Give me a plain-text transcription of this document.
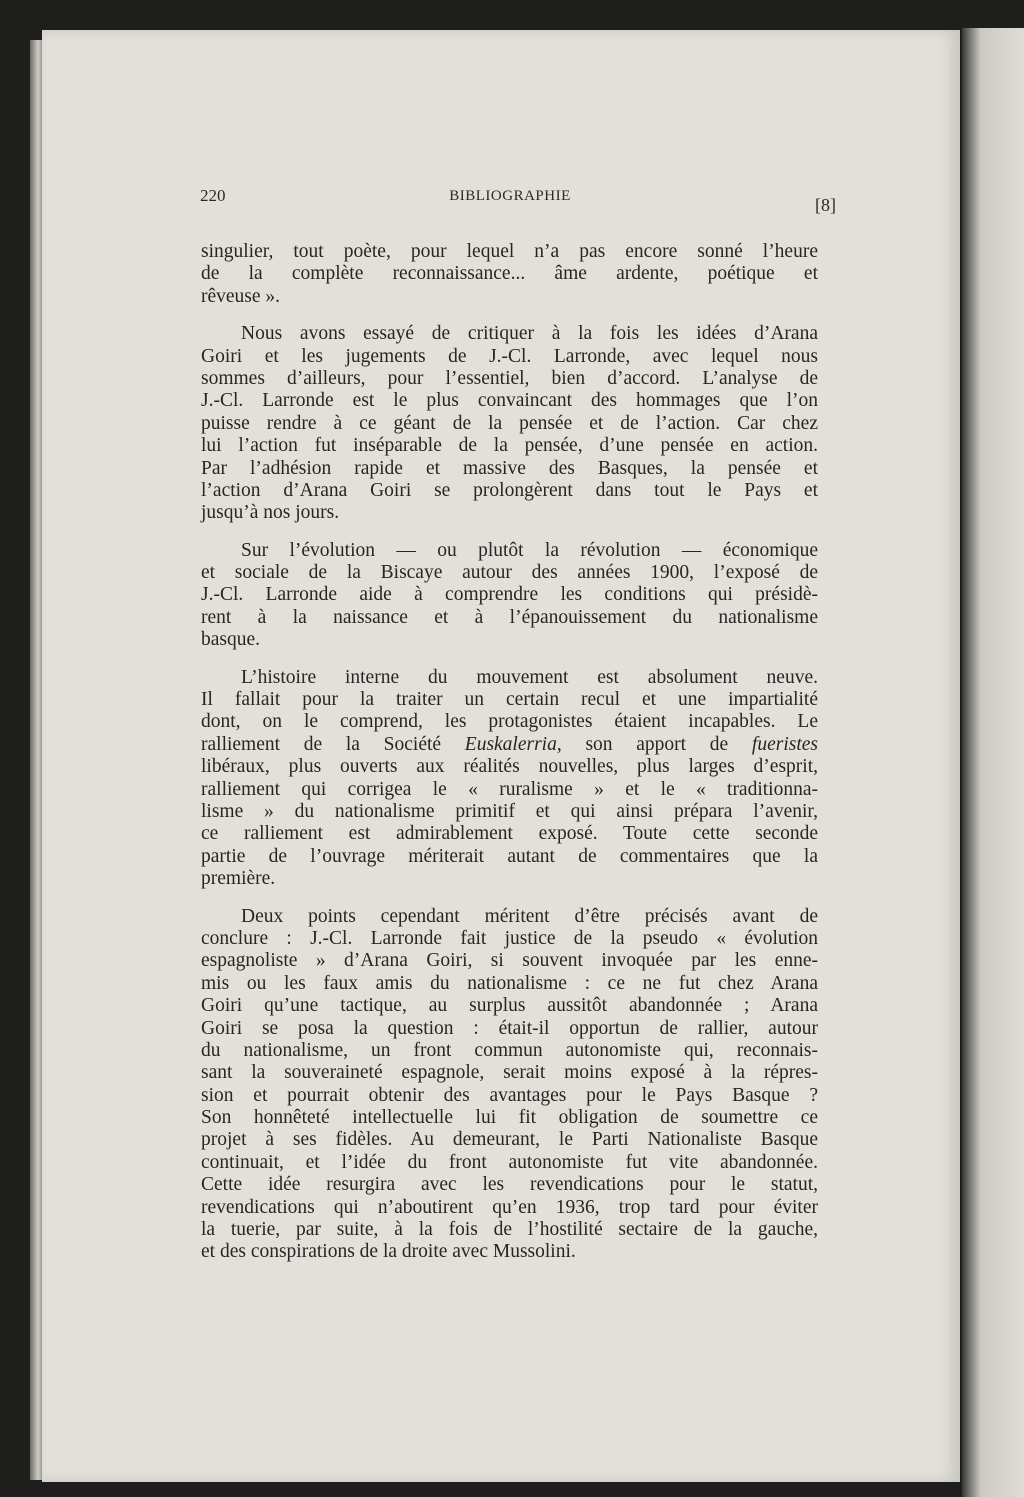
220	BIBLIOGRAPHIE	[8]
singulier, tout poète, pour lequel n’a pas encore sonné l’heure
de la complète reconnaissance... âme ardente, poétique et
rêveuse ».
Nous avons essayé de critiquer à la fois les idées d’Arana
Goiri et les jugements de J.-Cl. Larronde, avec lequel nous
sommes d’ailleurs, pour l’essentiel, bien d’accord. L’analyse de
J.-Cl. Larronde est le plus convaincant des hommages que l’on
puisse rendre à ce géant de la pensée et de l’action. Car chez
lui l’action fut inséparable de la pensée, d’une pensée en action.
Par l’adhésion rapide et massive des Basques, la pensée et
l’action d’Arana Goiri se prolongèrent dans tout le Pays et
jusqu’à nos jours.
Sur l’évolution — ou plutôt la révolution — économique
et sociale de la Biscaye autour des années 1900, l’exposé de
J.-Cl. Larronde aide à comprendre les conditions qui présidè-
rent à la naissance et à l’épanouissement du nationalisme
basque.
L’histoire interne du mouvement est absolument neuve.
Il fallait pour la traiter un certain recul et une impartialité
dont, on le comprend, les protagonistes étaient incapables. Le
ralliement de la Société Euskalerria, son apport de fueristes
libéraux, plus ouverts aux réalités nouvelles, plus larges d’esprit,
ralliement qui corrigea le « ruralisme » et le « traditionna-
lisme » du nationalisme primitif et qui ainsi prépara l’avenir,
ce ralliement est admirablement exposé. Toute cette seconde
partie de l’ouvrage mériterait autant de commentaires que la
première.
Deux points cependant méritent d’être précisés avant de
conclure : J.-Cl. Larronde fait justice de la pseudo « évolution
espagnoliste » d’Arana Goiri, si souvent invoquée par les enne-
mis ou les faux amis du nationalisme : ce ne fut chez Arana
Goiri qu’une tactique, au surplus aussitôt abandonnée ; Arana
Goiri se posa la question : était-il opportun de rallier, autour
du nationalisme, un front commun autonomiste qui, reconnais-
sant la souveraineté espagnole, serait moins exposé à la répres-
sion et pourrait obtenir des avantages pour le Pays Basque ?
Son honnêteté intellectuelle lui fit obligation de soumettre ce
projet à ses fidèles. Au demeurant, le Parti Nationaliste Basque
continuait, et l’idée du front autonomiste fut vite abandonnée.
Cette idée resurgira avec les revendications pour le statut,
revendications qui n’aboutirent qu’en 1936, trop tard pour éviter
la tuerie, par suite, à la fois de l’hostilité sectaire de la gauche,
et des conspirations de la droite avec Mussolini.
